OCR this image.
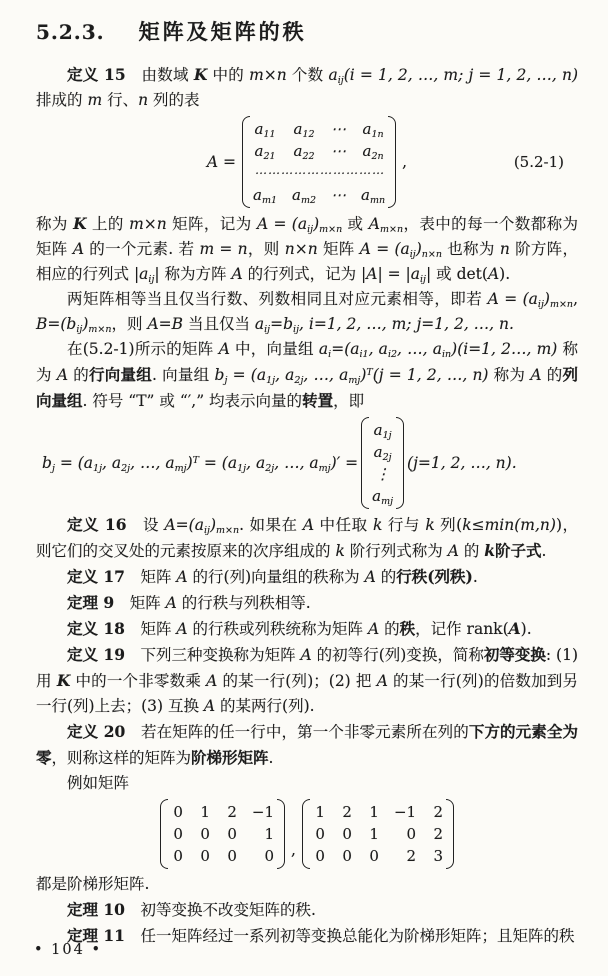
5.2.3. 矩阵及矩阵的秩

定义 15　由数域 K 中的 m×n 个数 $a_{ij}(i = 1$, 2, …, m; j = 1, 2, …, n) 排成的 m 行、n 列的表

A =
$a_{11}$ $a_{12}$ ⋯ $a_{1n}$
$a_{21}$ $a_{22}$ ⋯ $a_{2n}$
⋯⋯⋯⋯⋯⋯⋯⋯⋯⋯
$a_{m1}$ $a_{m2}$ ⋯ $a_{mn}$
,	(5.2-1)

称为 K 上的 m×n 矩阵，记为 $A = (a_{ij})_{m\times n}$ 或 $A_{m\times n}$，表中的每一个数都称为矩阵 A 的一个元素. 若 m = n，则 n×n 矩阵 $A = (a_{ij})_{n\times n}$ 也称为 n 阶方阵，相应的行列式 $|a_{ij}|$ 称为方阵 A 的行列式，记为 $|A| = |a_{ij}|$ 或 det(A).

两矩阵相等当且仅当行数、列数相同且对应元素相等，即若 $A = (a_{ij})_{m\times n}$, $B=(b_{ij})_{m\times n}$，则 A=B 当且仅当 $a_{ij}=b_{ij}$, i=1, 2, …, m; j=1, 2, …, n.

在(5.2-1)所示的矩阵 A 中，向量组 $a_i=(a_{i1}$, $a_{i2}$, …, $a_{in})(i=1$, 2…, m) 称为 A 的行向量组. 向量组 $b_j = (a_{1j}$, $a_{2j}$, …, $a_{mj})^T(j = 1$, 2, …, n) 称为 A 的列向量组. 符号 “T” 或 “′,” 均表示向量的转置，即

$b_j = (a_{1j}$, $a_{2j}$, …, $a_{mj})^T = (a_{1j}$, $a_{2j}$, …, $a_{mj})'$ =
$a_{1j}$
$a_{2j}$
⋮
$a_{mj}$
(j=1, 2, …, n).

定义 16　设 $A=(a_{ij})_{m\times n}$. 如果在 A 中任取 k 行与 k 列(k≤min(m,n))，则它们的交叉处的元素按原来的次序组成的 k 阶行列式称为 A 的 k阶子式.

定义 17　矩阵 A 的行(列)向量组的秩称为 A 的行秩(列秩).

定理 9　矩阵 A 的行秩与列秩相等.

定义 18　矩阵 A 的行秩或列秩统称为矩阵 A 的秩，记作 rank(A).

定义 19　下列三种变换称为矩阵 A 的初等行(列)变换，简称初等变换: (1) 用 K 中的一个非零数乘 A 的某一行(列)；(2) 把 A 的某一行(列)的倍数加到另一行(列)上去；(3) 互换 A 的某两行(列).

定义 20　若在矩阵的任一行中，第一个非零元素所在列的下方的元素全为零，则称这样的矩阵为阶梯形矩阵.

例如矩阵

0 1 2 −1
0 0 0	1
0 0 0	0 ,
1 2 1 −1 2
0 0 1	0 2
0 0 0	2 3

都是阶梯形矩阵.

定理 10　初等变换不改变矩阵的秩.

定理 11　任一矩阵经过一系列初等变换总能化为阶梯形矩阵；且矩阵的秩

• 104 •
